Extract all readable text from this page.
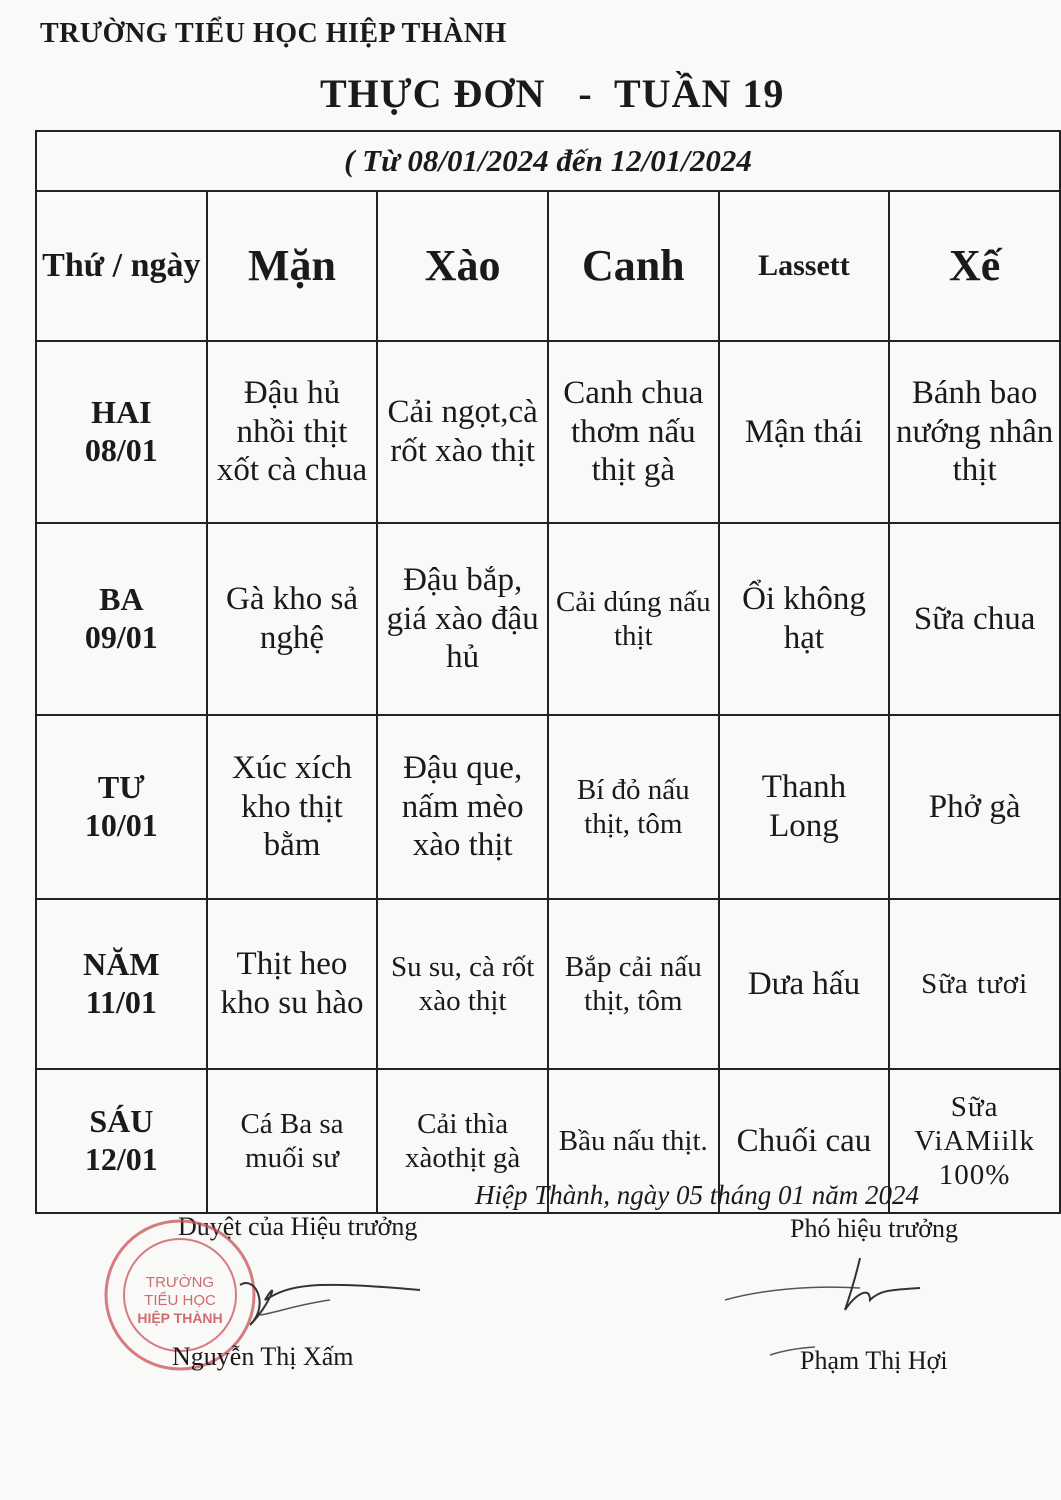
TRƯỜNG TIỂU HỌC HIỆP THÀNH
THỰC ĐƠN   -  TUẦN 19
( Từ 08/01/2024 đến 12/01/2024					
Thứ / ngày	Mặn	Xào	Canh	Lassett	Xế
HAI
08/01	Đậu hủ nhồi thịt xốt cà chua	Cải ngọt,cà rốt xào thịt	Canh chua thơm nấu thịt gà	Mận thái	Bánh bao nướng nhân thịt
BA
09/01	Gà kho sả nghệ	Đậu bắp, giá xào đậu hủ	Cải dúng nấu thịt	Ổi không hạt	Sữa chua
TƯ
10/01	Xúc xích kho thịt bằm	Đậu que, nấm mèo xào thịt	Bí đỏ nấu thịt, tôm	Thanh Long	Phở gà
NĂM
11/01	Thịt heo kho su hào	Su su, cà rốt xào thịt	Bắp cải nấu thịt, tôm	Dưa hấu	Sữa tươi
SÁU
12/01	Cá Ba sa muối sư	Cải thìa xàothịt gà	Bầu nấu thịt.	Chuối cau	Sữa ViAMiilk 100%
Hiệp Thành, ngày 05 tháng 01 năm 2024
Duyệt của Hiệu trưởng	Phó hiệu trưởng
TRƯỜNG
TIỂU HỌC
HIỆP THÀNH
Nguyễn Thị Xấm	Phạm Thị Hợi
